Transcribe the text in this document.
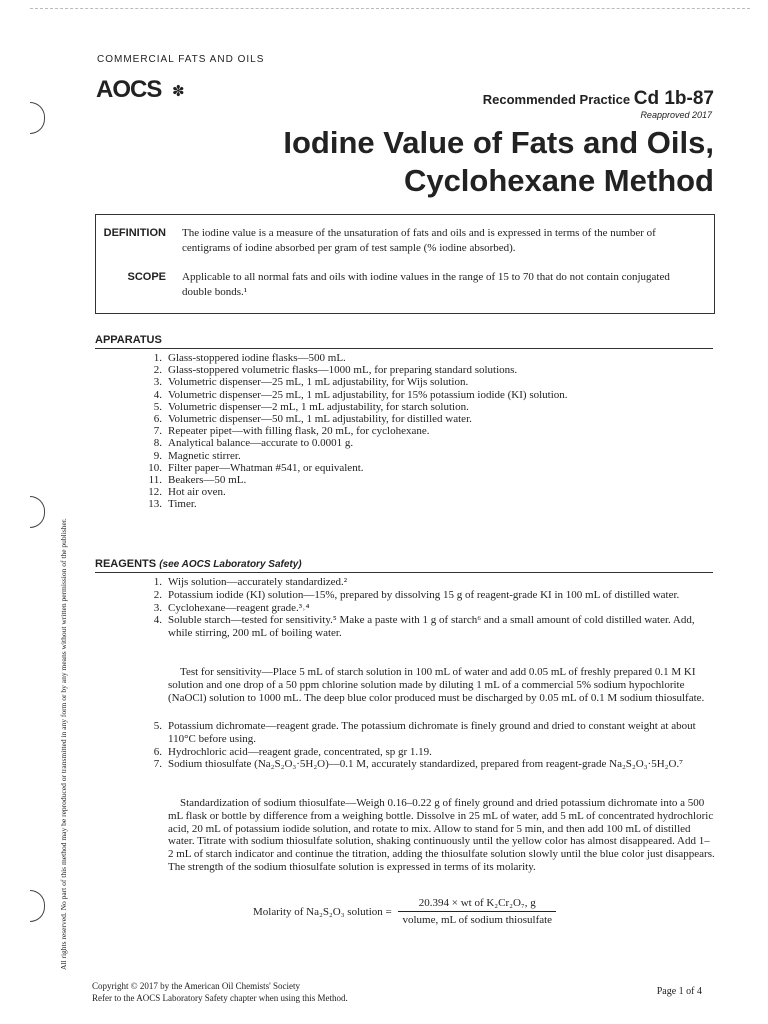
COMMERCIAL FATS AND OILS
AOCS ✽	Recommended Practice Cd 1b-87
Reapproved 2017
Iodine Value of Fats and Oils,
Cyclohexane Method
DEFINITION The iodine value is a measure of the unsaturation of fats and oils and is expressed in terms of the number of centigrams of iodine absorbed per gram of test sample (% iodine absorbed).
SCOPE Applicable to all normal fats and oils with iodine values in the range of 15 to 70 that do not contain conjugated double bonds.¹
APPARATUS
1. Glass-stoppered iodine flasks—500 mL.
2. Glass-stoppered volumetric flasks—1000 mL, for preparing standard solutions.
3. Volumetric dispenser—25 mL, 1 mL adjustability, for Wijs solution.
4. Volumetric dispenser—25 mL, 1 mL adjustability, for 15% potassium iodide (KI) solution.
5. Volumetric dispenser—2 mL, 1 mL adjustability, for starch solution.
6. Volumetric dispenser—50 mL, 1 mL adjustability, for distilled water.
7. Repeater pipet—with filling flask, 20 mL, for cyclohexane.
8. Analytical balance—accurate to 0.0001 g.
9. Magnetic stirrer.
10. Filter paper—Whatman #541, or equivalent.
11. Beakers—50 mL.
12. Hot air oven.
13. Timer.
REAGENTS (see AOCS Laboratory Safety)
1. Wijs solution—accurately standardized.²
2. Potassium iodide (KI) solution—15%, prepared by dissolving 15 g of reagent-grade KI in 100 mL of distilled water.
3. Cyclohexane—reagent grade.³˒⁴
4. Soluble starch—tested for sensitivity.⁵ Make a paste with 1 g of starch⁶ and a small amount of cold distilled water. Add, while stirring, 200 mL of boiling water.
Test for sensitivity—Place 5 mL of starch solution in 100 mL of water and add 0.05 mL of freshly prepared 0.1 M KI solution and one drop of a 50 ppm chlorine solution made by diluting 1 mL of a commercial 5% sodium hypochlorite (NaOCl) solution to 1000 mL. The deep blue color produced must be discharged by 0.05 mL of 0.1 M sodium thiosulfate.
5. Potassium dichromate—reagent grade. The potassium dichromate is finely ground and dried to constant weight at about 110°C before using.
6. Hydrochloric acid—reagent grade, concentrated, sp gr 1.19.
7. Sodium thiosulfate (Na₂S₂O₃·5H₂O)—0.1 M, accurately standardized, prepared from reagent-grade Na₂S₂O₃·5H₂O.⁷
Standardization of sodium thiosulfate—Weigh 0.16–0.22 g of finely ground and dried potassium dichromate into a 500 mL flask or bottle by difference from a weighing bottle. Dissolve in 25 mL of water, add 5 mL of concentrated hydrochloric acid, 20 mL of potassium iodide solution, and rotate to mix. Allow to stand for 5 min, and then add 100 mL of distilled water. Titrate with sodium thiosulfate solution, shaking continuously until the yellow color has almost disappeared. Add 1–2 mL of starch indicator and continue the titration, adding the thiosulfate solution slowly until the blue color just disappears. The strength of the sodium thiosulfate solution is expressed in terms of its molarity.
Molarity of Na₂S₂O₃ solution =
20.394 × wt of K₂Cr₂O₇, g
volume, mL of sodium thiosulfate
All rights reserved. No part of this method may be reproduced or transmitted in any form or by any means without written permission of the publisher.
Copyright © 2017 by the American Oil Chemists' Society
Refer to the AOCS Laboratory Safety chapter when using this Method.
Page 1 of 4
